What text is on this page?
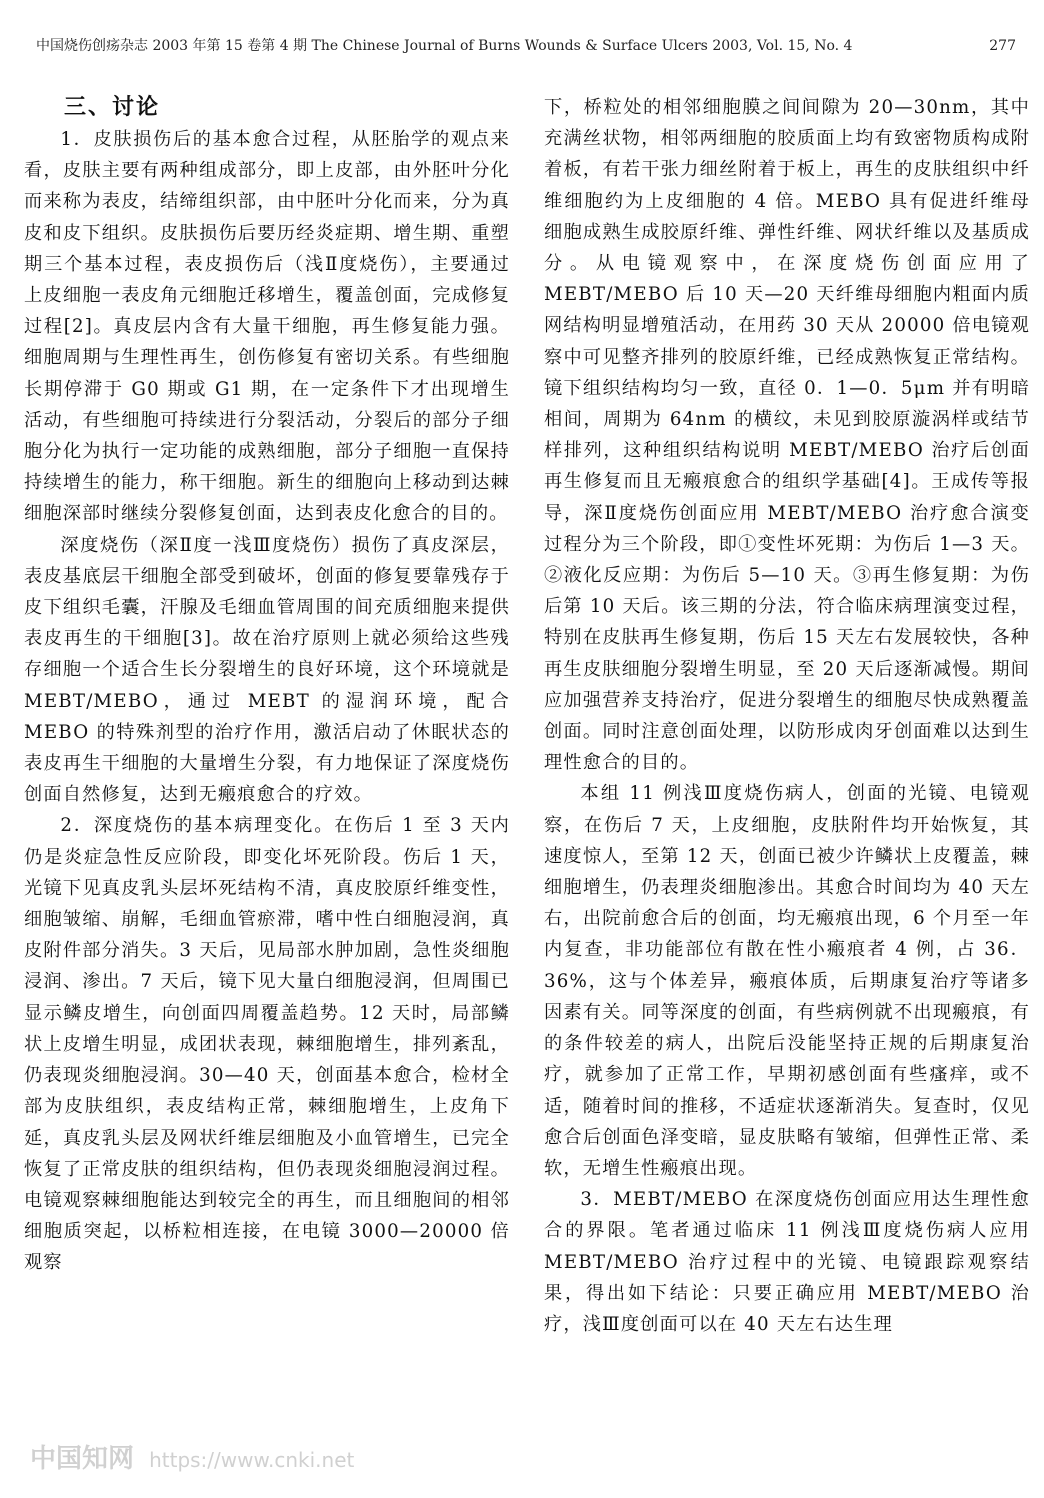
中国烧伤创疡杂志 2003 年第 15 卷第 4 期 The Chinese Journal of Burns Wounds & Surface Ulcers 2003, Vol. 15, No. 4	277
三、讨论

1．皮肤损伤后的基本愈合过程，从胚胎学的观点来看，皮肤主要有两种组成部分，即上皮部，由外胚叶分化而来称为表皮，结缔组织部，由中胚叶分化而来，分为真皮和皮下组织。皮肤损伤后要历经炎症期、增生期、重塑期三个基本过程，表皮损伤后（浅Ⅱ度烧伤），主要通过上皮细胞一表皮角元细胞迁移增生，覆盖创面，完成修复过程[2]。真皮层内含有大量干细胞，再生修复能力强。细胞周期与生理性再生，创伤修复有密切关系。有些细胞长期停滞于 G0 期或 G1 期，在一定条件下才出现增生活动，有些细胞可持续进行分裂活动，分裂后的部分子细胞分化为执行一定功能的成熟细胞，部分子细胞一直保持持续增生的能力，称干细胞。新生的细胞向上移动到达棘细胞深部时继续分裂修复创面，达到表皮化愈合的目的。

深度烧伤（深Ⅱ度一浅Ⅲ度烧伤）损伤了真皮深层，表皮基底层干细胞全部受到破坏，创面的修复要靠残存于皮下组织毛囊，汗腺及毛细血管周围的间充质细胞来提供表皮再生的干细胞[3]。故在治疗原则上就必须给这些残存细胞一个适合生长分裂增生的良好环境，这个环境就是 MEBT/MEBO，通过 MEBT 的湿润环境，配合 MEBO 的特殊剂型的治疗作用，激活启动了休眠状态的表皮再生干细胞的大量增生分裂，有力地保证了深度烧伤创面自然修复，达到无瘢痕愈合的疗效。

2．深度烧伤的基本病理变化。在伤后 1 至 3 天内仍是炎症急性反应阶段，即变化坏死阶段。伤后 1 天，光镜下见真皮乳头层坏死结构不清，真皮胶原纤维变性，细胞皱缩、崩解，毛细血管瘀滞，嗜中性白细胞浸润，真皮附件部分消失。3 天后，见局部水肿加剧，急性炎细胞浸润、渗出。7 天后，镜下见大量白细胞浸润，但周围已显示鳞皮增生，向创面四周覆盖趋势。12 天时，局部鳞状上皮增生明显，成团状表现，棘细胞增生，排列紊乱，仍表现炎细胞浸润。30—40 天，创面基本愈合，检材全部为皮肤组织，表皮结构正常，棘细胞增生，上皮角下延，真皮乳头层及网状纤维层细胞及小血管增生，已完全恢复了正常皮肤的组织结构，但仍表现炎细胞浸润过程。电镜观察棘细胞能达到较完全的再生，而且细胞间的相邻细胞质突起，以桥粒相连接，在电镜 3000—20000 倍观察

下，桥粒处的相邻细胞膜之间间隙为 20—30nm，其中充满丝状物，相邻两细胞的胶质面上均有致密物质构成附着板，有若干张力细丝附着于板上，再生的皮肤组织中纤维细胞约为上皮细胞的 4 倍。MEBO 具有促进纤维母细胞成熟生成胶原纤维、弹性纤维、网状纤维以及基质成分。从电镜观察中，在深度烧伤创面应用了 MEBT/MEBO 后 10 天—20 天纤维母细胞内粗面内质网结构明显增殖活动，在用药 30 天从 20000 倍电镜观察中可见整齐排列的胶原纤维，已经成熟恢复正常结构。镜下组织结构均匀一致，直径 0．1—0．5μm 并有明暗相间，周期为 64nm 的横纹，未见到胶原漩涡样或结节样排列，这种组织结构说明 MEBT/MEBO 治疗后创面再生修复而且无瘢痕愈合的组织学基础[4]。王成传等报导，深Ⅱ度烧伤创面应用 MEBT/MEBO 治疗愈合演变过程分为三个阶段，即①变性坏死期：为伤后 1—3 天。②液化反应期：为伤后 5—10 天。③再生修复期：为伤后第 10 天后。该三期的分法，符合临床病理演变过程，特别在皮肤再生修复期，伤后 15 天左右发展较快，各种再生皮肤细胞分裂增生明显，至 20 天后逐渐减慢。期间应加强营养支持治疗，促进分裂增生的细胞尽快成熟覆盖创面。同时注意创面处理，以防形成肉牙创面难以达到生理性愈合的目的。

本组 11 例浅Ⅲ度烧伤病人，创面的光镜、电镜观察，在伤后 7 天，上皮细胞，皮肤附件均开始恢复，其速度惊人，至第 12 天，创面已被少许鳞状上皮覆盖，棘细胞增生，仍表理炎细胞渗出。其愈合时间均为 40 天左右，出院前愈合后的创面，均无瘢痕出现，6 个月至一年内复查，非功能部位有散在性小瘢痕者 4 例，占 36．36%，这与个体差异，瘢痕体质，后期康复治疗等诸多因素有关。同等深度的创面，有些病例就不出现瘢痕，有的条件较差的病人，出院后没能坚持正规的后期康复治疗，就参加了正常工作，早期初感创面有些瘙痒，或不适，随着时间的推移，不适症状逐渐消失。复查时，仅见愈合后创面色泽变暗，显皮肤略有皱缩，但弹性正常、柔软，无增生性瘢痕出现。

3．MEBT/MEBO 在深度烧伤创面应用达生理性愈合的界限。笔者通过临床 11 例浅Ⅲ度烧伤病人应用 MEBT/MEBO 治疗过程中的光镜、电镜跟踪观察结果，得出如下结论：只要正确应用 MEBT/MEBO 治疗，浅Ⅲ度创面可以在 40 天左右达生理

中国知网 https://www.cnki.net
